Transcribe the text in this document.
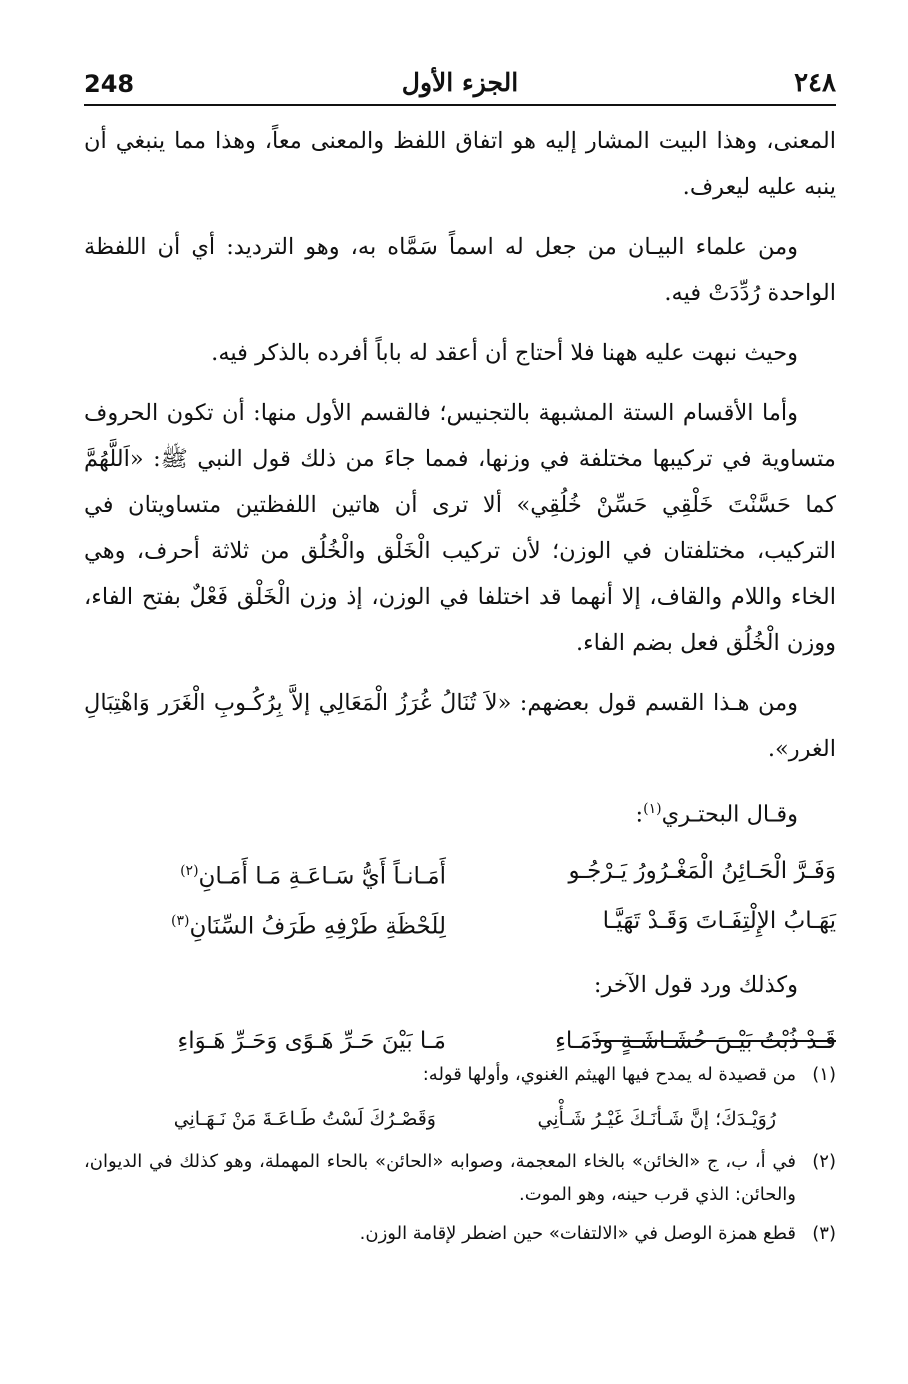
٢٤٨
الجزء الأول
248

المعنى، وهذا البيت المشار إليه هو اتفاق اللفظ والمعنى معاً، وهذا مما ينبغي أن ينبه عليه ليعرف.

ومن علماء البيـان من جعل له اسماً سَمَّاه به، وهو الترديد: أي أن اللفظة الواحدة رُدِّدَتْ فيه.

وحيث نبهت عليه ههنا فلا أحتاج أن أعقد له باباً أفرده بالذكر فيه.

وأما الأقسام الستة المشبهة بالتجنيس؛ فالقسم الأول منها: أن تكون الحروف متساوية في تركيبها مختلفة في وزنها، فمما جاءَ من ذلك قول النبي ﷺ: «اَللَّهُمَّ كما حَسَّنْتَ خَلْقِي حَسِّنْ خُلُقِي» ألا ترى أن هاتين اللفظتين متساويتان في التركيب، مختلفتان في الوزن؛ لأن تركيب الْخَلْق والْخُلُق من ثلاثة أحرف، وهي الخاء واللام والقاف، إلا أنهما قد اختلفا في الوزن، إذ وزن الْخَلْق فَعْلٌ بفتح الفاء، ووزن الْخُلُق فعل بضم الفاء.

ومن هـذا القسم قول بعضهم: «لاَ تُنَالُ غُرَزُ الْمَعَالِي إلاَّ بِرُكُـوبِ الْغَرَر وَاهْتِبَالِ الغرر».

وقـال البحتـري$^{(١)}$:

وَفَـرَّ الْحَـائِنُ الْمَغْـرُورُ يَـرْجُـو
أَمَـانـاً أَيُّ سَـاعَـةِ مَـا أَمَـانِ$^{(٢)}$
يَهَـابُ الإِلْتِفَـاتَ وَقَـدْ تَهَيَّـا
لِلَحْظَةِ طَرْفِهِ طَرَفُ السِّنَانِ$^{(٣)}$

وكذلك ورد قول الآخر:

قَـدْ ذُبْتُ بَيْـنَ حُشَـاشَـةٍ وذَمَـاءِ
مَـا بَيْنَ حَـرِّ هَـوًى وَحَـرِّ هَـوَاءِ
(١)
من قصيدة له يمدح فيها الهيثم الغنوي، وأولها قوله:
رُوَيْـدَكَ؛ إنَّ شَـأنَـكَ غَيْـرُ شَـأْنِي
وَقَصْـرُكَ لَسْتُ طَـاعَـةَ مَنْ نَـهَـانِي
(٢)
في أ، ب، ج «الخائن» بالخاء المعجمة، وصوابه «الحائن» بالحاء المهملة، وهو كذلك في الديوان، والحائن: الذي قرب حينه، وهو الموت.
(٣)
قطع همزة الوصل في «الالتفات» حين اضطر لإقامة الوزن.
